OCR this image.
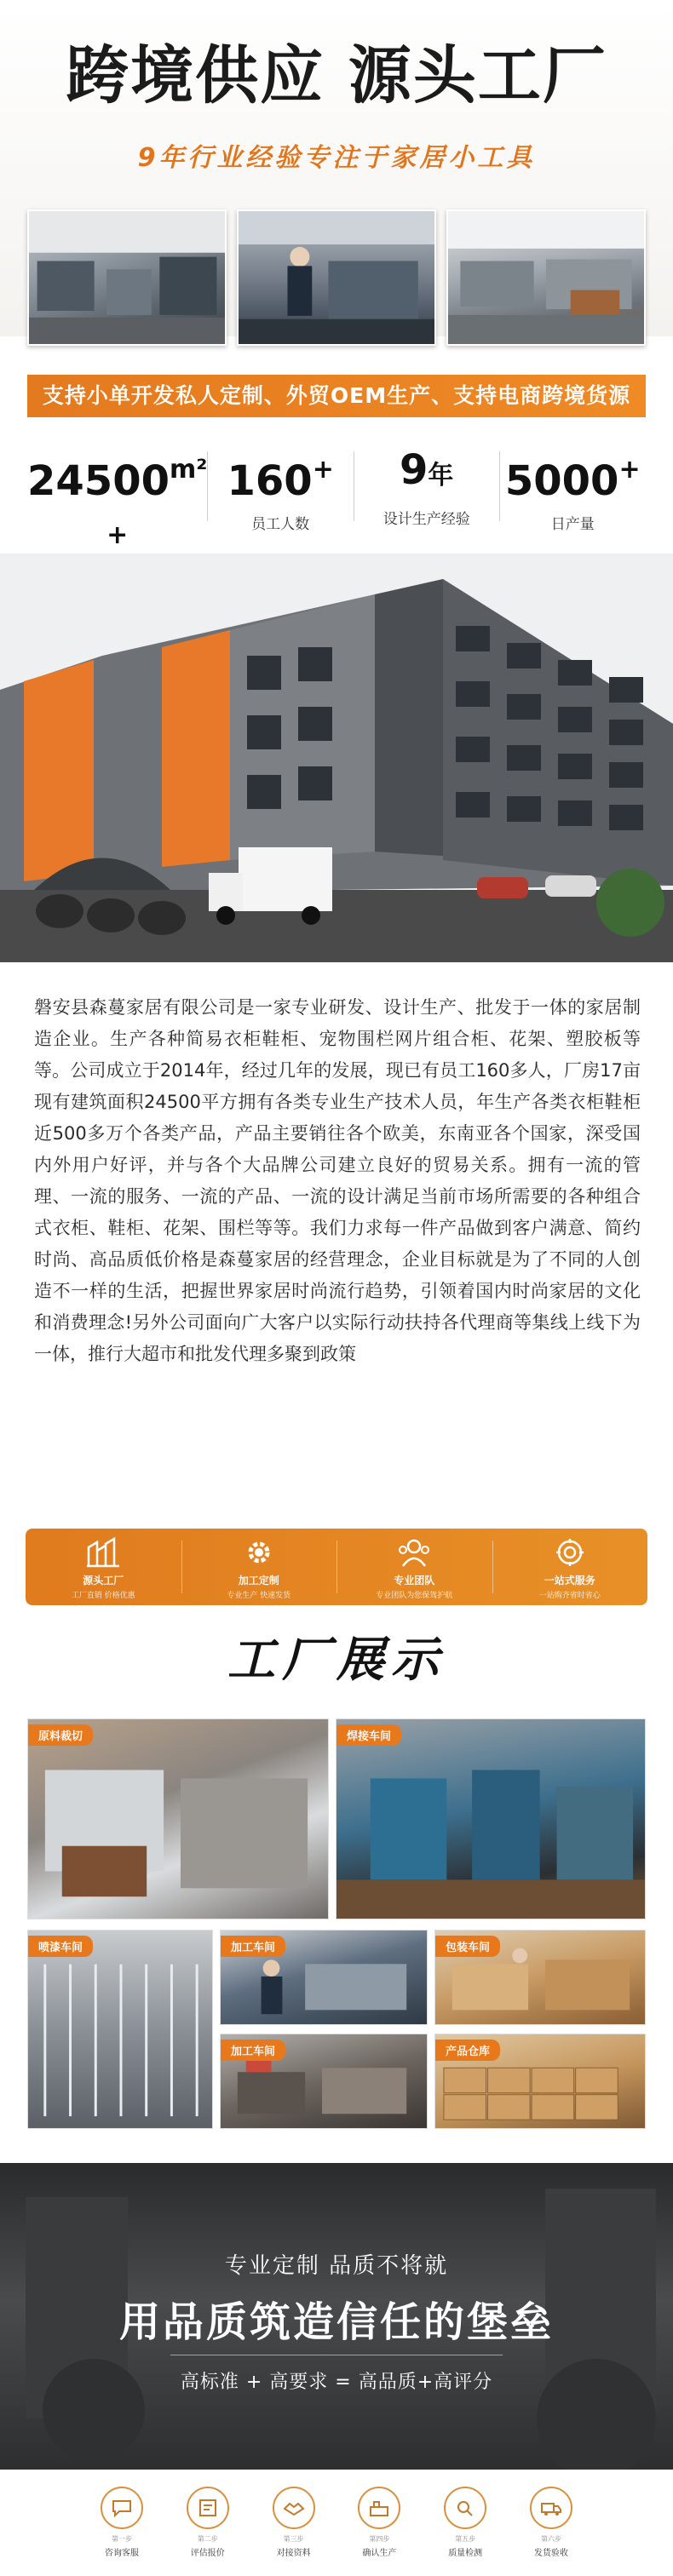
跨境供应 源头工厂
9年行业经验专注于家居小工具
支持小单开发私人定制、外贸OEM生产、支持电商跨境货源
$24500^{m^2 +}$
160+
员工人数
9年
设计生产经验
5000+
日产量

磐安县森蔓家居有限公司是一家专业研发、设计生产、批发于一体的家居制造企业。生产各种简易衣柜鞋柜、宠物围栏网片组合柜、花架、塑胶板等等。公司成立于2014年，经过几年的发展，现已有员工160多人，厂房17亩现有建筑面积24500平方拥有各类专业生产技术人员，年生产各类衣柜鞋柜近500多万个各类产品，产品主要销往各个欧美，东南亚各个国家，深受国内外用户好评，并与各个大品牌公司建立良好的贸易关系。拥有一流的管理、一流的服务、一流的产品、一流的设计满足当前市场所需要的各种组合式衣柜、鞋柜、花架、围栏等等。我们力求每一件产品做到客户满意、简约时尚、高品质低价格是森蔓家居的经营理念，企业目标就是为了不同的人创造不一样的生活，把握世界家居时尚流行趋势，引领着国内时尚家居的文化和消费理念!另外公司面向广大客户以实际行动扶持各代理商等集线上线下为一体，推行大超市和批发代理多聚到政策

源头工厂
工厂直销 价格优惠
加工定制
专业生产 快速发货
专业团队
专业团队为您保驾护航
一站式服务
一站购齐省时省心
工厂展示
原料裁切	焊接车间
喷漆车间	加工车间	包装车间
加工车间	产品仓库
专业定制 品质不将就
用品质筑造信任的堡垒
高标准 + 高要求 = 高品质+高评分
第一步
咨询客服
第二步
评估报价
第三步
对接资料
第四步
确认生产
第五步
质量检测
第六步
发货验收
